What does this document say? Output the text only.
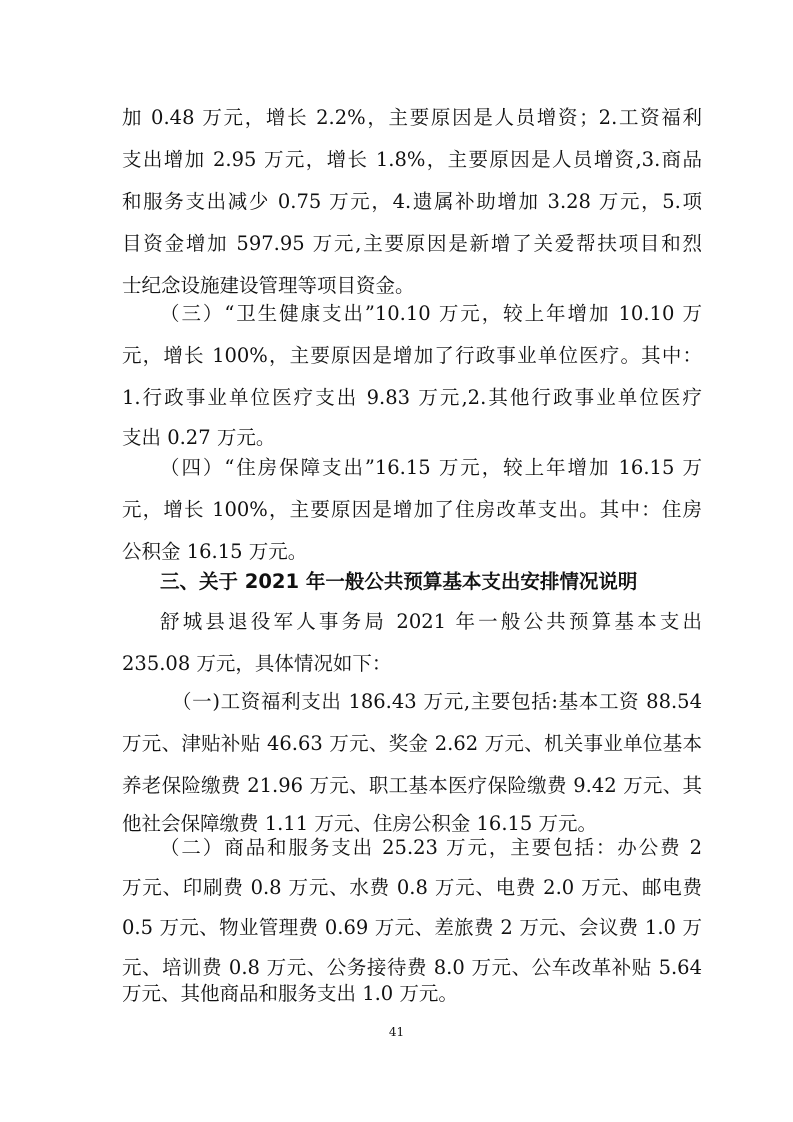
加 0.48 万元，增长 2.2%，主要原因是人员增资；2.工资福利
支出增加 2.95 万元，增长 1.8%，主要原因是人员增资,3.商品
和服务支出减少 0.75 万元，4.遗属补助增加 3.28 万元，5.项
目资金增加 597.95 万元,主要原因是新增了关爱帮扶项目和烈
士纪念设施建设管理等项目资金。
（三）“卫生健康支出”10.10 万元，较上年增加 10.10 万
元，增长 100%，主要原因是增加了行政事业单位医疗。其中：
1.行政事业单位医疗支出 9.83 万元,2.其他行政事业单位医疗
支出 0.27 万元。
（四）“住房保障支出”16.15 万元，较上年增加 16.15 万
元，增长 100%，主要原因是增加了住房改革支出。其中：住房
公积金 16.15 万元。
三、关于 2021 年一般公共预算基本支出安排情况说明
舒城县退役军人事务局 2021 年一般公共预算基本支出
235.08 万元，具体情况如下：
（一)工资福利支出 186.43 万元,主要包括:基本工资 88.54
万元、津贴补贴 46.63 万元、奖金 2.62 万元、机关事业单位基本
养老保险缴费 21.96 万元、职工基本医疗保险缴费 9.42 万元、其
他社会保障缴费 1.11 万元、住房公积金 16.15 万元。
（二）商品和服务支出 25.23 万元，主要包括：办公费 2
万元、印刷费 0.8 万元、水费 0.8 万元、电费 2.0 万元、邮电费
0.5 万元、物业管理费 0.69 万元、差旅费 2 万元、会议费 1.0 万
元、培训费 0.8 万元、公务接待费 8.0 万元、公车改革补贴 5.64
万元、其他商品和服务支出 1.0 万元。
41
